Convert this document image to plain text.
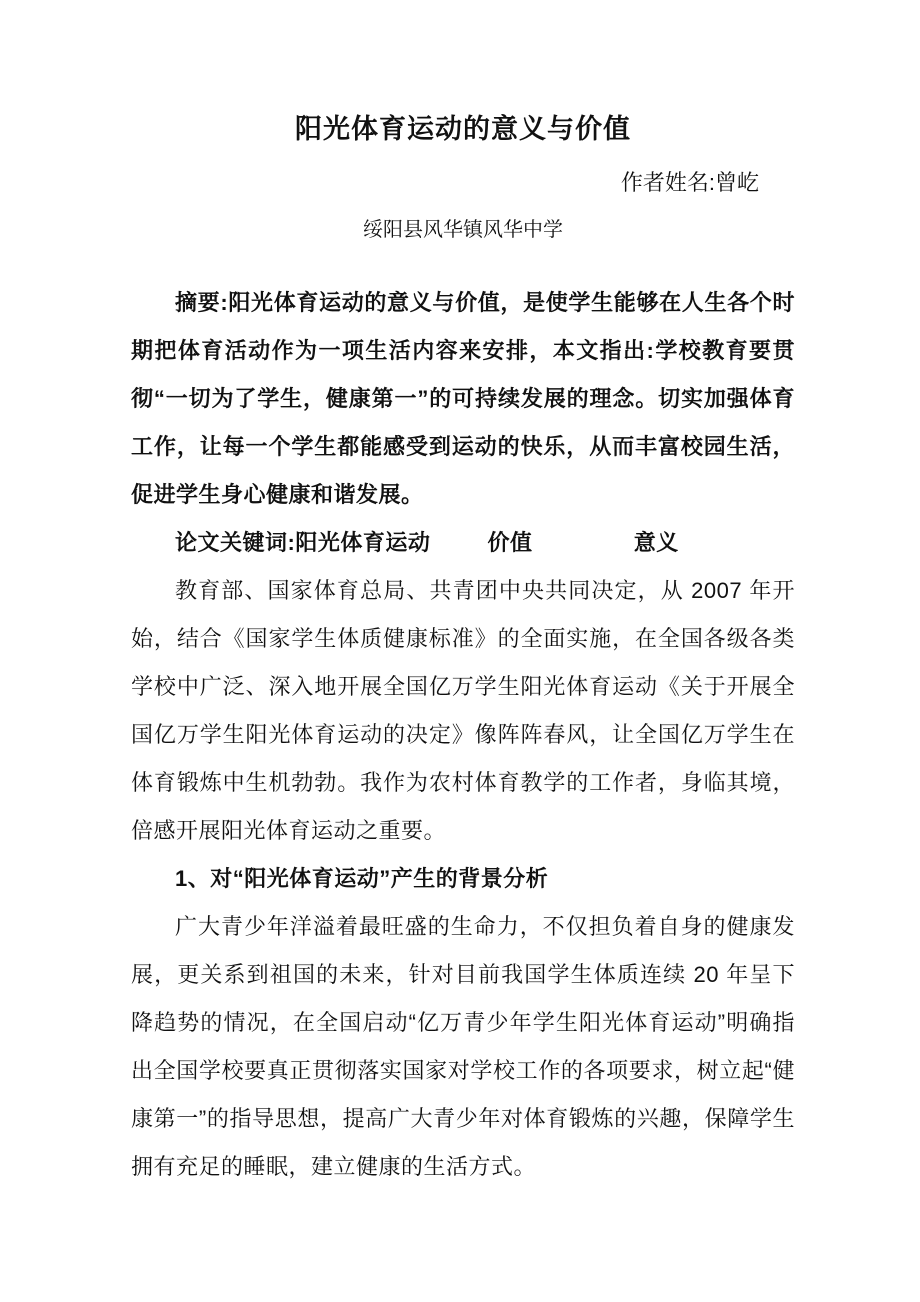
阳光体育运动的意义与价值
作者姓名:曾屹
绥阳县风华镇风华中学

摘要:阳光体育运动的意义与价值，是使学生能够在人生各个时期把体育活动作为一项生活内容来安排，本文指出:学校教育要贯彻“一切为了学生，健康第一”的可持续发展的理念。切实加强体育工作，让每一个学生都能感受到运动的快乐，从而丰富校园生活，促进学生身心健康和谐发展。

论文关键词:阳光体育运动	价值	意义

教育部、国家体育总局、共青团中央共同决定，从 2007 年开始，结合《国家学生体质健康标准》的全面实施，在全国各级各类学校中广泛、深入地开展全国亿万学生阳光体育运动《关于开展全国亿万学生阳光体育运动的决定》像阵阵春风，让全国亿万学生在体育锻炼中生机勃勃。我作为农村体育教学的工作者，身临其境，倍感开展阳光体育运动之重要。

1、对“阳光体育运动”产生的背景分析

广大青少年洋溢着最旺盛的生命力，不仅担负着自身的健康发展，更关系到祖国的未来，针对目前我国学生体质连续 20 年呈下降趋势的情况，在全国启动“亿万青少年学生阳光体育运动”明确指出全国学校要真正贯彻落实国家对学校工作的各项要求，树立起“健康第一”的指导思想，提高广大青少年对体育锻炼的兴趣，保障学生拥有充足的睡眠，建立健康的生活方式。
